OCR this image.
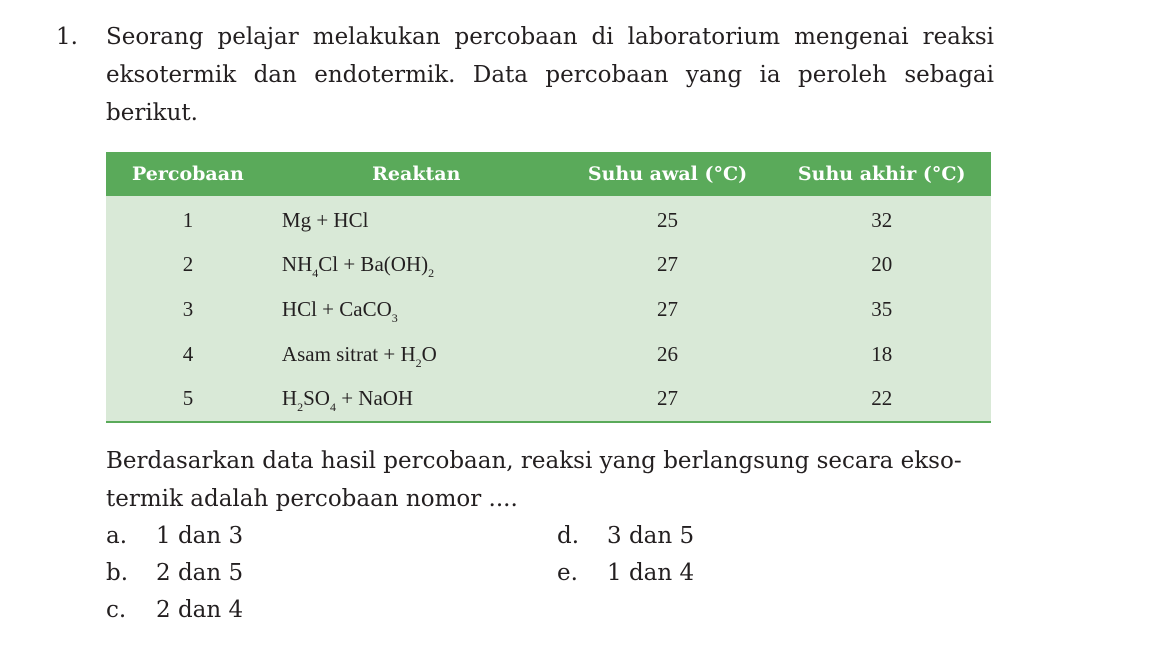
1. Seorang pelajar melakukan percobaan di laboratorium mengenai reaksi eksotermik dan endotermik. Data percobaan yang ia peroleh sebagai berikut.
Percobaan	Reaktan	Suhu awal (°C)	Suhu akhir (°C)
1	Mg + HCl	25	32
2	$NH_4Cl + Ba(OH)_2$	27	20
3	HCl + CaCO$_3$	27	35
4	Asam sitrat + $H_2O$	26	18
5	$H_2SO_4$ + NaOH	27	22
Berdasarkan data hasil percobaan, reaksi yang berlangsung secara ekso- termik adalah percobaan nomor ....
a. 1 dan 3
b. 2 dan 5
c. 2 dan 4
d. 3 dan 5
e. 1 dan 4
